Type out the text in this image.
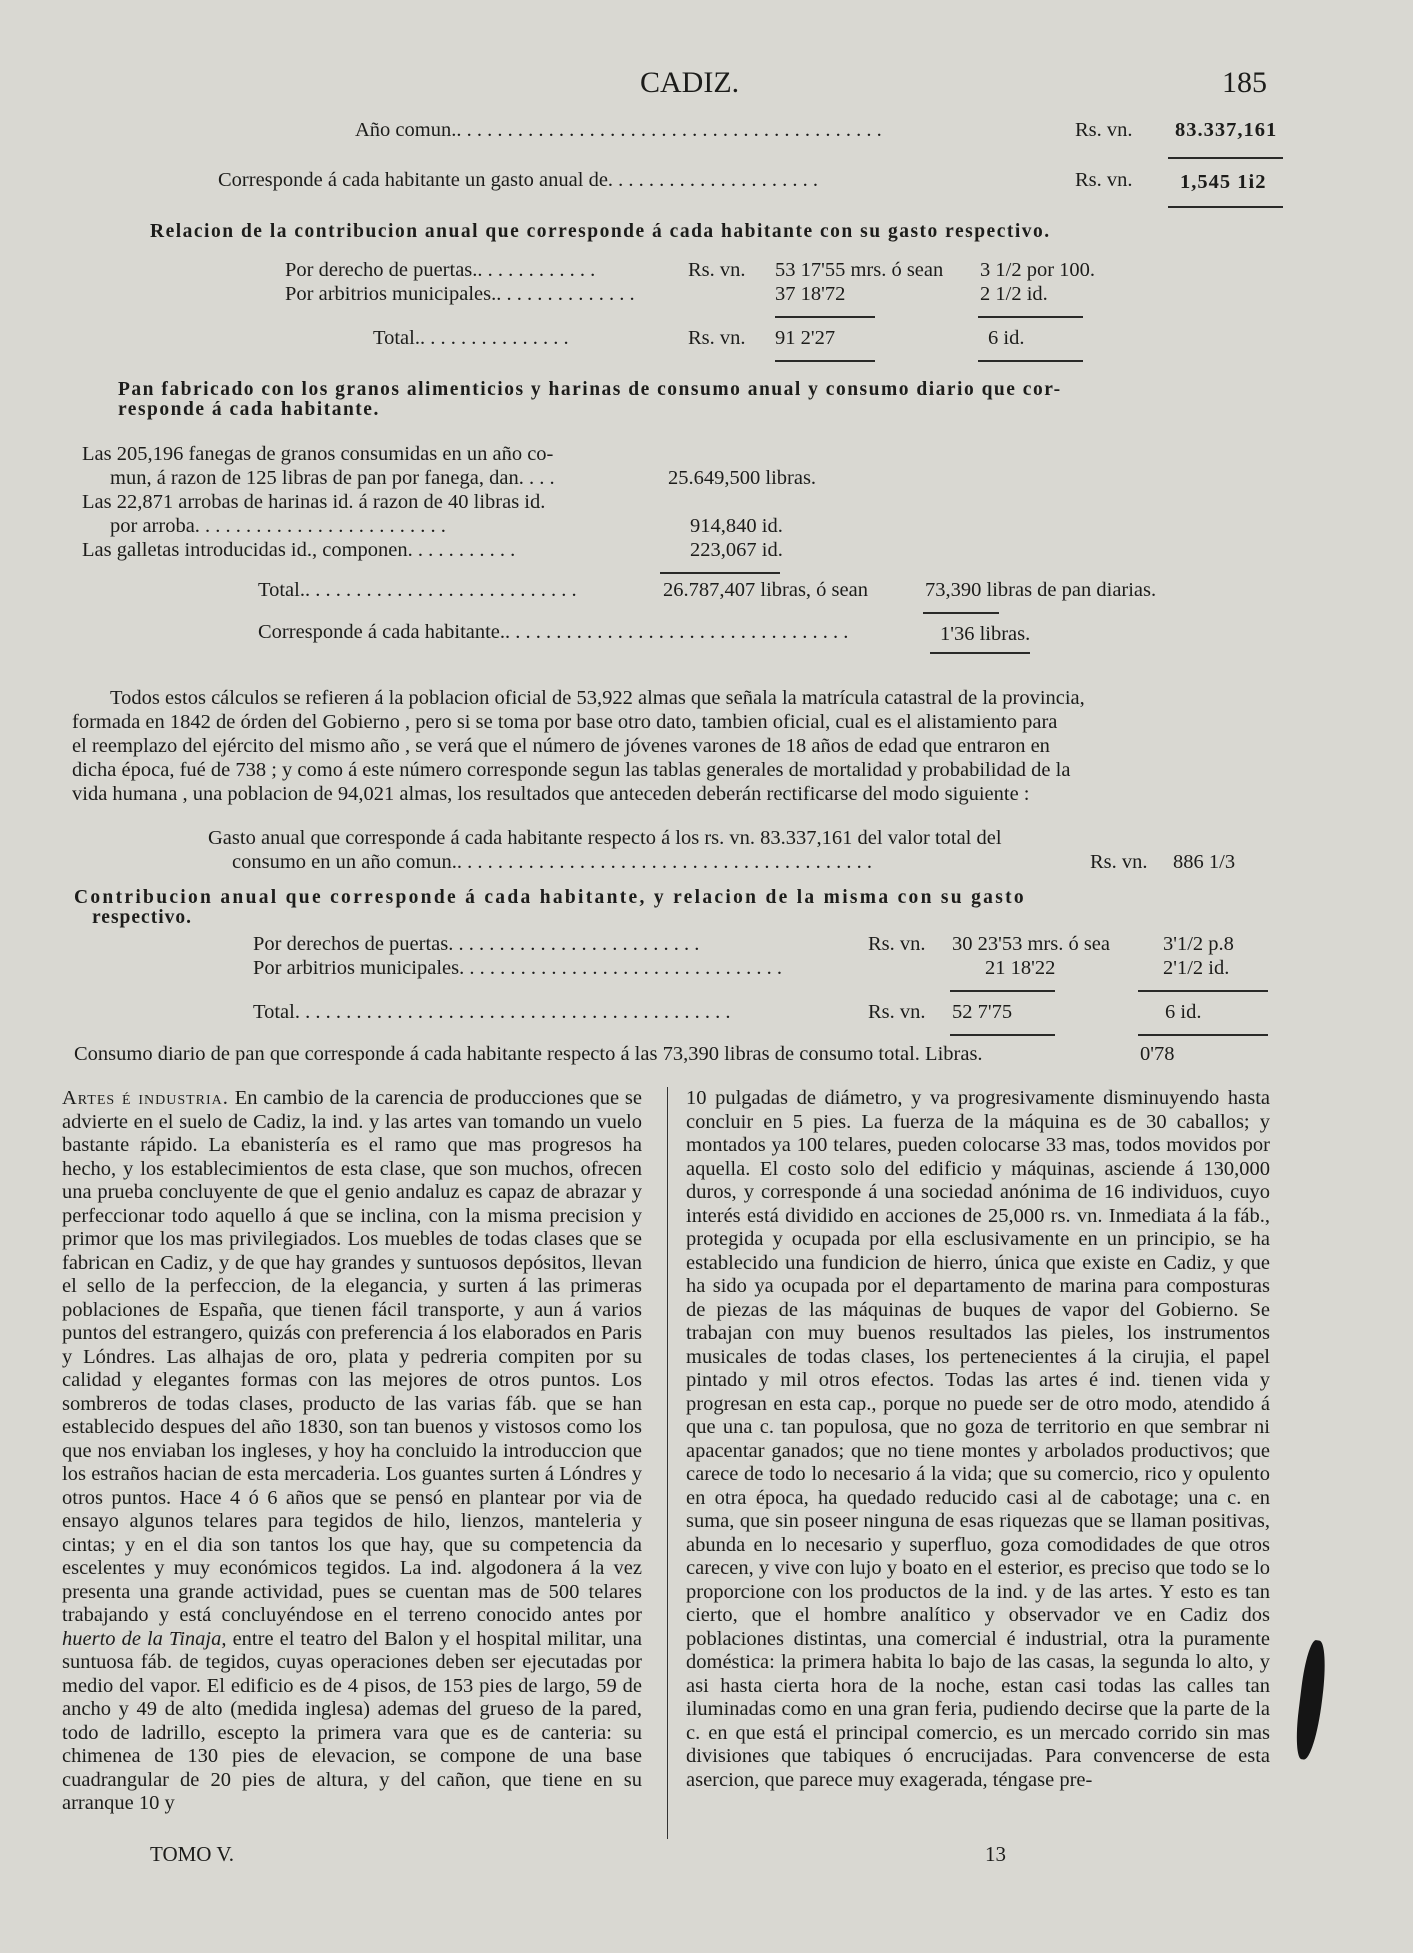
CADIZ.	185
Año comun.. . . . . . . . . . . . . . . . . . . . . . . . . . . . . . . . . . . . . . . . . .	Rs. vn. 83.337,161
Corresponde á cada habitante un gasto anual de. . . . . . . . . . . . . . . . . . . . .	Rs. vn. 1,545 1i2
Relacion de la contribucion anual que corresponde á cada habitante con su gasto respectivo.
Por derecho de puertas.. . . . . . . . . . . .	Rs. vn. 53 17'55 mrs. ó sean 3 1/2 por 100.
Por arbitrios municipales.. . . . . . . . . . . . . .	37 18'72	2 1/2 id.
Total.. . . . . . . . . . . . . . .	Rs. vn. 91 2'27	6 id.
Pan fabricado con los granos alimenticios y harinas de consumo anual y consumo diario que cor-
responde á cada habitante.
Las 205,196 fanegas de granos consumidas en un año co-
mun, á razon de 125 libras de pan por fanega, dan. . . .	25.649,500 libras.
Las 22,871 arrobas de harinas id. á razon de 40 libras id.
por arroba. . . . . . . . . . . . . . . . . . . . . . . . .	914,840 id.
Las galletas introducidas id., componen. . . . . . . . . . .	223,067 id.
Total.. . . . . . . . . . . . . . . . . . . . . . . . . . .	26.787,407 libras, ó sean	73,390 libras de pan diarias.
Corresponde á cada habitante.. . . . . . . . . . . . . . . . . . . . . . . . . . . . . . . . . .	1'36 libras.
Todos estos cálculos se refieren á la poblacion oficial de 53,922 almas que señala la matrícula catastral de la provincia,
formada en 1842 de órden del Gobierno , pero si se toma por base otro dato, tambien oficial, cual es el alistamiento para
el reemplazo del ejército del mismo año , se verá que el número de jóvenes varones de 18 años de edad que entraron en
dicha época, fué de 738 ; y como á este número corresponde segun las tablas generales de mortalidad y probabilidad de la
vida humana , una poblacion de 94,021 almas, los resultados que anteceden deberán rectificarse del modo siguiente :
Gasto anual que corresponde á cada habitante respecto á los rs. vn. 83.337,161 del valor total del
consumo en un año comun.. . . . . . . . . . . . . . . . . . . . . . . . . . . . . . . . . . . . . . . . .	Rs. vn. 886 1/3
Contribucion anual que corresponde á cada habitante, y relacion de la misma con su gasto
respectivo.
Por derechos de puertas. . . . . . . . . . . . . . . . . . . . . . . . .	Rs. vn. 30 23'53 mrs. ó sea	3'1/2 p.8
Por arbitrios municipales. . . . . . . . . . . . . . . . . . . . . . . . . . . . . . . .	21 18'22	2'1/2 id.
Total. . . . . . . . . . . . . . . . . . . . . . . . . . . . . . . . . . . . . . . . . . .	Rs. vn. 52 7'75	6 id.
Consumo diario de pan que corresponde á cada habitante respecto á las 73,390 libras de consumo total. Libras.	0'78
Artes é industria. En cambio de la carencia de producciones que se advierte en el suelo de Cadiz, la ind. y las artes van tomando un vuelo bastante rápido. La ebanistería es el ramo que mas progresos ha hecho, y los establecimientos de esta clase, que son muchos, ofrecen una prueba concluyente de que el genio andaluz es capaz de abrazar y perfeccionar todo aquello á que se inclina, con la misma precision y primor que los mas privilegiados. Los muebles de todas clases que se fabrican en Cadiz, y de que hay grandes y suntuosos depósitos, llevan el sello de la perfeccion, de la elegancia, y surten á las primeras poblaciones de España, que tienen fácil transporte, y aun á varios puntos del estrangero, quizás con preferencia á los elaborados en Paris y Lóndres. Las alhajas de oro, plata y pedreria compiten por su calidad y elegantes formas con las mejores de otros puntos. Los sombreros de todas clases, producto de las varias fáb. que se han establecido despues del año 1830, son tan buenos y vistosos como los que nos enviaban los ingleses, y hoy ha concluido la introduccion que los estraños hacian de esta mercaderia. Los guantes surten á Lóndres y otros puntos. Hace 4 ó 6 años que se pensó en plantear por via de ensayo algunos telares para tegidos de hilo, lienzos, manteleria y cintas; y en el dia son tantos los que hay, que su competencia da escelentes y muy económicos tegidos. La ind. algodonera á la vez presenta una grande actividad, pues se cuentan mas de 500 telares trabajando y está concluyéndose en el terreno conocido antes por huerto de la Tinaja, entre el teatro del Balon y el hospital militar, una suntuosa fáb. de tegidos, cuyas operaciones deben ser ejecutadas por medio del vapor. El edificio es de 4 pisos, de 153 pies de largo, 59 de ancho y 49 de alto (medida inglesa) ademas del grueso de la pared, todo de ladrillo, escepto la primera vara que es de canteria: su chimenea de 130 pies de elevacion, se compone de una base cuadrangular de 20 pies de altura, y del cañon, que tiene en su arranque 10 y
10 pulgadas de diámetro, y va progresivamente disminuyendo hasta concluir en 5 pies. La fuerza de la máquina es de 30 caballos; y montados ya 100 telares, pueden colocarse 33 mas, todos movidos por aquella. El costo solo del edificio y máquinas, asciende á 130,000 duros, y corresponde á una sociedad anónima de 16 individuos, cuyo interés está dividido en acciones de 25,000 rs. vn. Inmediata á la fáb., protegida y ocupada por ella esclusivamente en un principio, se ha establecido una fundicion de hierro, única que existe en Cadiz, y que ha sido ya ocupada por el departamento de marina para composturas de piezas de las máquinas de buques de vapor del Gobierno. Se trabajan con muy buenos resultados las pieles, los instrumentos musicales de todas clases, los pertenecientes á la cirujia, el papel pintado y mil otros efectos. Todas las artes é ind. tienen vida y progresan en esta cap., porque no puede ser de otro modo, atendido á que una c. tan populosa, que no goza de territorio en que sembrar ni apacentar ganados; que no tiene montes y arbolados productivos; que carece de todo lo necesario á la vida; que su comercio, rico y opulento en otra época, ha quedado reducido casi al de cabotage; una c. en suma, que sin poseer ninguna de esas riquezas que se llaman positivas, abunda en lo necesario y superfluo, goza comodidades de que otros carecen, y vive con lujo y boato en el esterior, es preciso que todo se lo proporcione con los productos de la ind. y de las artes. Y esto es tan cierto, que el hombre analítico y observador ve en Cadiz dos poblaciones distintas, una comercial é industrial, otra la puramente doméstica: la primera habita lo bajo de las casas, la segunda lo alto, y asi hasta cierta hora de la noche, estan casi todas las calles tan iluminadas como en una gran feria, pudiendo decirse que la parte de la c. en que está el principal comercio, es un mercado corrido sin mas divisiones que tabiques ó encrucijadas. Para convencerse de esta asercion, que parece muy exagerada, téngase pre-
TOMO V.	13
